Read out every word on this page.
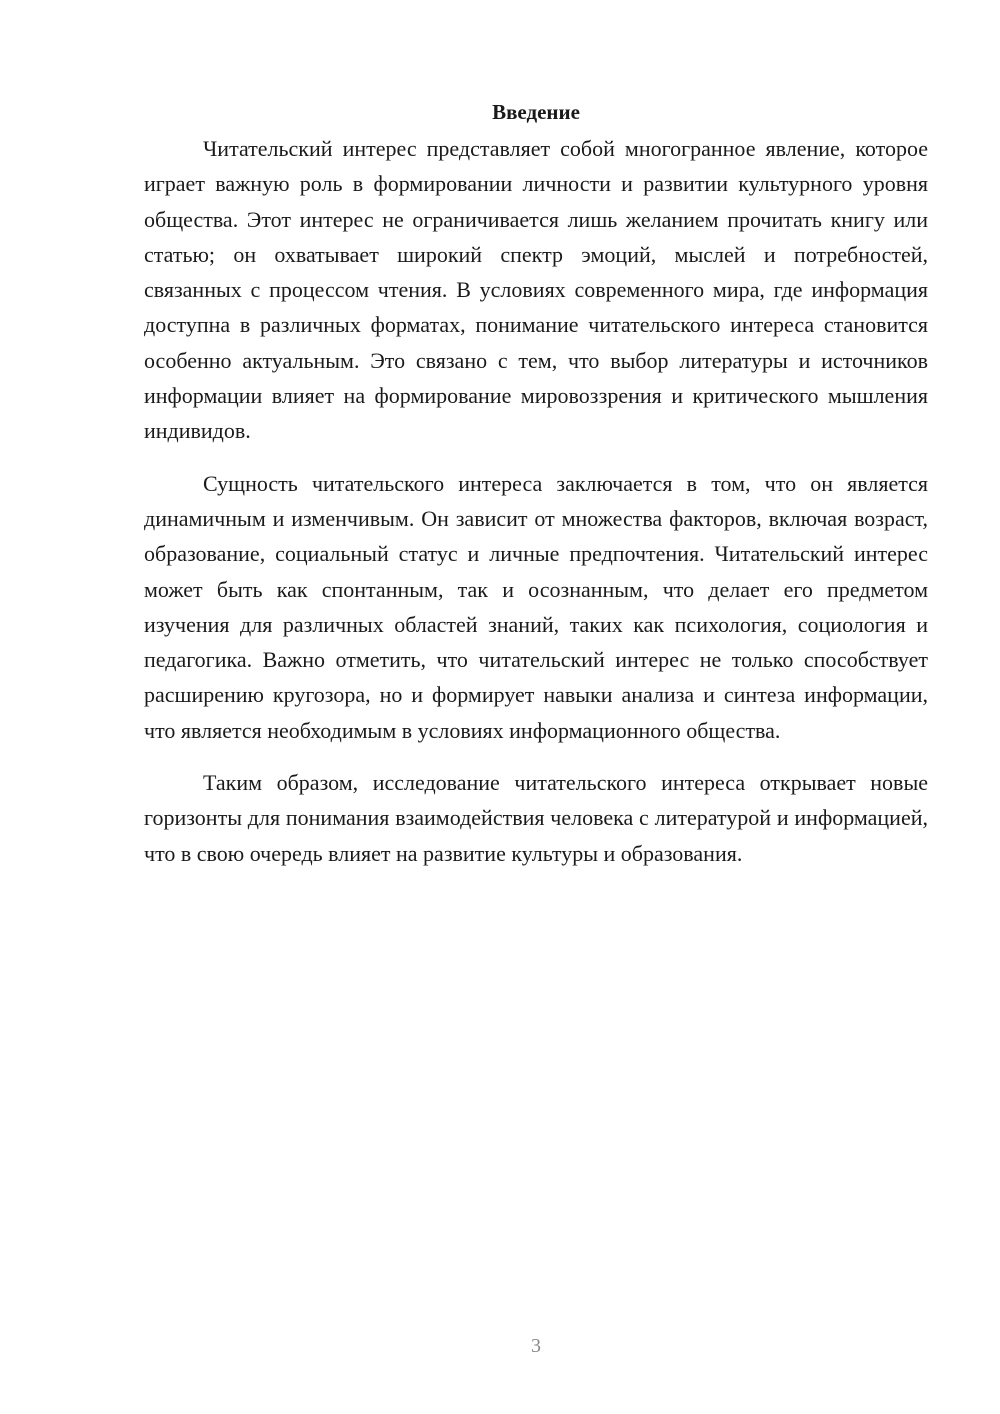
Введение

Читательский интерес представляет собой многогранное явление, которое играет важную роль в формировании личности и развитии культурного уровня общества. Этот интерес не ограничивается лишь желанием прочитать книгу или статью; он охватывает широкий спектр эмоций, мыслей и потребностей, связанных с процессом чтения. В условиях современного мира, где информация доступна в различных форматах, понимание читательского интереса становится особенно актуальным. Это связано с тем, что выбор литературы и источников информации влияет на формирование мировоззрения и критического мышления индивидов.

Сущность читательского интереса заключается в том, что он является динамичным и изменчивым. Он зависит от множества факторов, включая возраст, образование, социальный статус и личные предпочтения. Читательский интерес может быть как спонтанным, так и осознанным, что делает его предметом изучения для различных областей знаний, таких как психология, социология и педагогика. Важно отметить, что читательский интерес не только способствует расширению кругозора, но и формирует навыки анализа и синтеза информации, что является необходимым в условиях информационного общества.

Таким образом, исследование читательского интереса открывает новые горизонты для понимания взаимодействия человека с литературой и информацией, что в свою очередь влияет на развитие культуры и образования.

3
